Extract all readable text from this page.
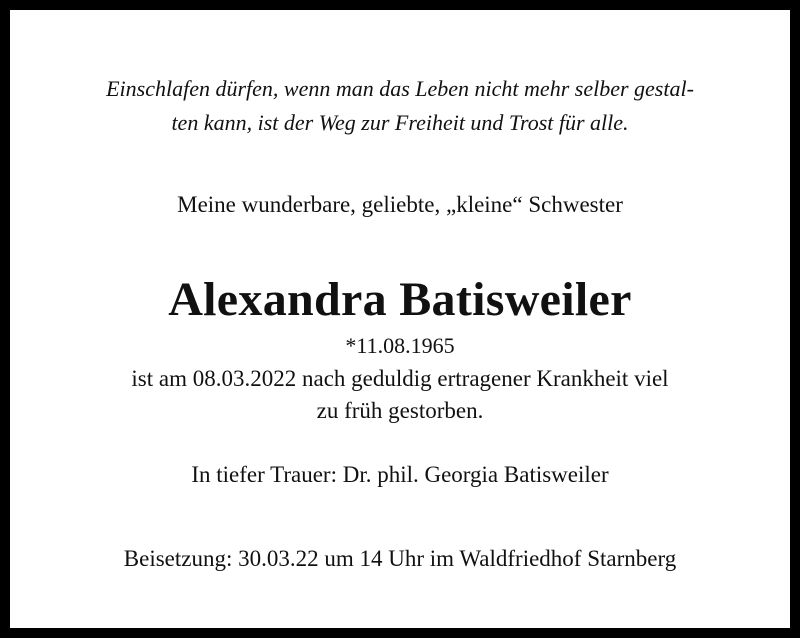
Einschlafen dürfen, wenn man das Leben nicht mehr selber gestal-
ten kann, ist der Weg zur Freiheit und Trost für alle.
Meine wunderbare, geliebte, „kleine“ Schwester
Alexandra Batisweiler
*11.08.1965
ist am 08.03.2022 nach geduldig ertragener Krankheit viel
zu früh gestorben.
In tiefer Trauer: Dr. phil. Georgia Batisweiler
Beisetzung: 30.03.22 um 14 Uhr im Waldfriedhof Starnberg
